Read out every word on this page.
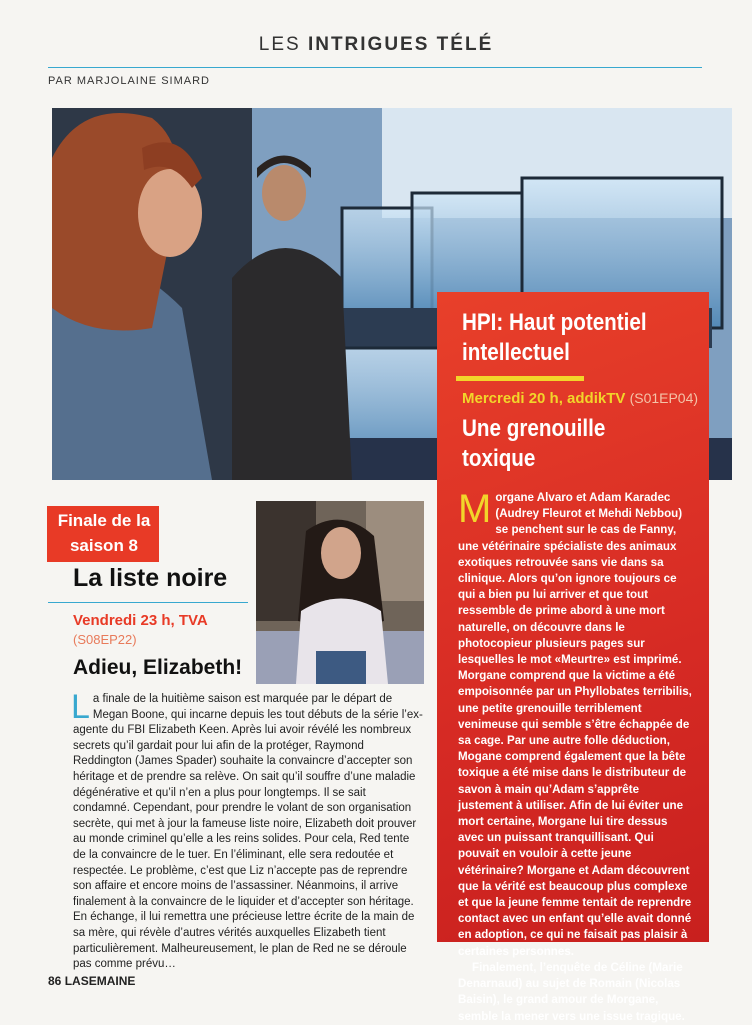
LES INTRIGUES TÉLÉ
PAR MARJOLAINE SIMARD
HPI: Haut potentiel intellectuel
Mercredi 20 h, addikTV (S01EP04)
Une grenouille toxique

Morgane Alvaro et Adam Karadec (Audrey Fleurot et Mehdi Nebbou) se penchent sur le cas de Fanny, une vétérinaire spécialiste des animaux exotiques retrouvée sans vie dans sa clinique. Alors qu’on ignore toujours ce qui a bien pu lui arriver et que tout ressemble de prime abord à une mort naturelle, on découvre dans le photocopieur plusieurs pages sur lesquelles le mot «Meurtre» est imprimé. Morgane comprend que la victime a été empoisonnée par un Phyllobates terribilis, une petite grenouille terriblement venimeuse qui semble s’être échappée de sa cage. Par une autre folle déduction, Mogane comprend également que la bête toxique a été mise dans le distributeur de savon à main qu’Adam s’apprête justement à utiliser. Afin de lui éviter une mort certaine, Morgane lui tire dessus avec un puissant tranquillisant. Qui pouvait en vouloir à cette jeune vétérinaire? Morgane et Adam découvrent que la vérité est beaucoup plus complexe et que la jeune femme tentait de reprendre contact avec un enfant qu’elle avait donné en adoption, ce qui ne faisait pas plaisir à certaines personnes.

Finalement, l’enquête de Céline (Marie Denarnaud) au sujet de Romain (Nicolas Baisin), le grand amour de Morgane, semble la mener vers une issue tragique.

Finale de la saison 8
La liste noire
Vendredi 23 h, TVA
(S08EP22)
Adieu, Elizabeth!
La finale de la huitième saison est marquée par le départ de Megan Boone, qui incarne depuis les tout débuts de la série l’ex-agente du FBI Elizabeth Keen. Après lui avoir révélé les nombreux secrets qu’il gardait pour lui afin de la protéger, Raymond Reddington (James Spader) souhaite la convaincre d’accepter son héritage et de prendre sa relève. On sait qu’il souffre d’une maladie dégénérative et qu’il n’en a plus pour longtemps. Il se sait condamné. Cependant, pour prendre le volant de son organisation secrète, qui met à jour la fameuse liste noire, Elizabeth doit prouver au monde criminel qu’elle a les reins solides. Pour cela, Red tente de la convaincre de le tuer. En l’éliminant, elle sera redoutée et respectée. Le problème, c’est que Liz n’accepte pas de reprendre son affaire et encore moins de l’assassiner. Néanmoins, il arrive finalement à la convaincre de le liquider et d’accepter son héritage. En échange, il lui remettra une précieuse lettre écrite de la main de sa mère, qui révèle d’autres vérités auxquelles Elizabeth tient particulièrement. Malheureusement, le plan de Red ne se déroule pas comme prévu…
86 LASEMAINE
